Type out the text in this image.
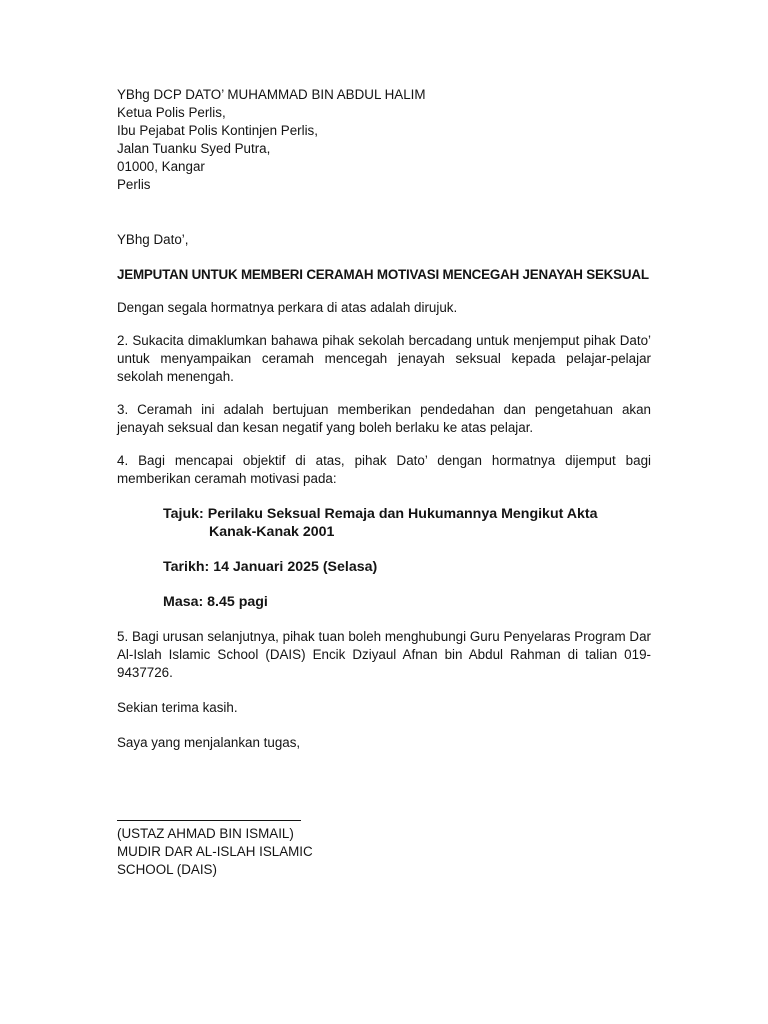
YBhg DCP DATO’ MUHAMMAD BIN ABDUL HALIM

Ketua Polis Perlis,

Ibu Pejabat Polis Kontinjen Perlis,

Jalan Tuanku Syed Putra,

01000, Kangar

Perlis

YBhg Dato’,

JEMPUTAN UNTUK MEMBERI CERAMAH MOTIVASI MENCEGAH JENAYAH SEKSUAL

Dengan segala hormatnya perkara di atas adalah dirujuk.

2. Sukacita dimaklumkan bahawa pihak sekolah bercadang untuk menjemput pihak Dato’ untuk menyampaikan ceramah mencegah jenayah seksual kepada pelajar-pelajar sekolah menengah.

3. Ceramah ini adalah bertujuan memberikan pendedahan dan pengetahuan akan jenayah seksual dan kesan negatif yang boleh berlaku ke atas pelajar.

4. Bagi mencapai objektif di atas, pihak Dato’ dengan hormatnya dijemput bagi memberikan ceramah motivasi pada:

Tajuk: Perilaku Seksual Remaja dan Hukumannya Mengikut Akta
Kanak-Kanak 2001
Tarikh: 14 Januari 2025 (Selasa)
Masa: 8.45 pagi

5. Bagi urusan selanjutnya, pihak tuan boleh menghubungi Guru Penyelaras Program Dar Al-Islah Islamic School (DAIS) Encik Dziyaul Afnan bin Abdul Rahman di talian 019-9437726.

Sekian terima kasih.

Saya yang menjalankan tugas,

(USTAZ AHMAD BIN ISMAIL)

MUDIR DAR AL-ISLAH ISLAMIC

SCHOOL (DAIS)
